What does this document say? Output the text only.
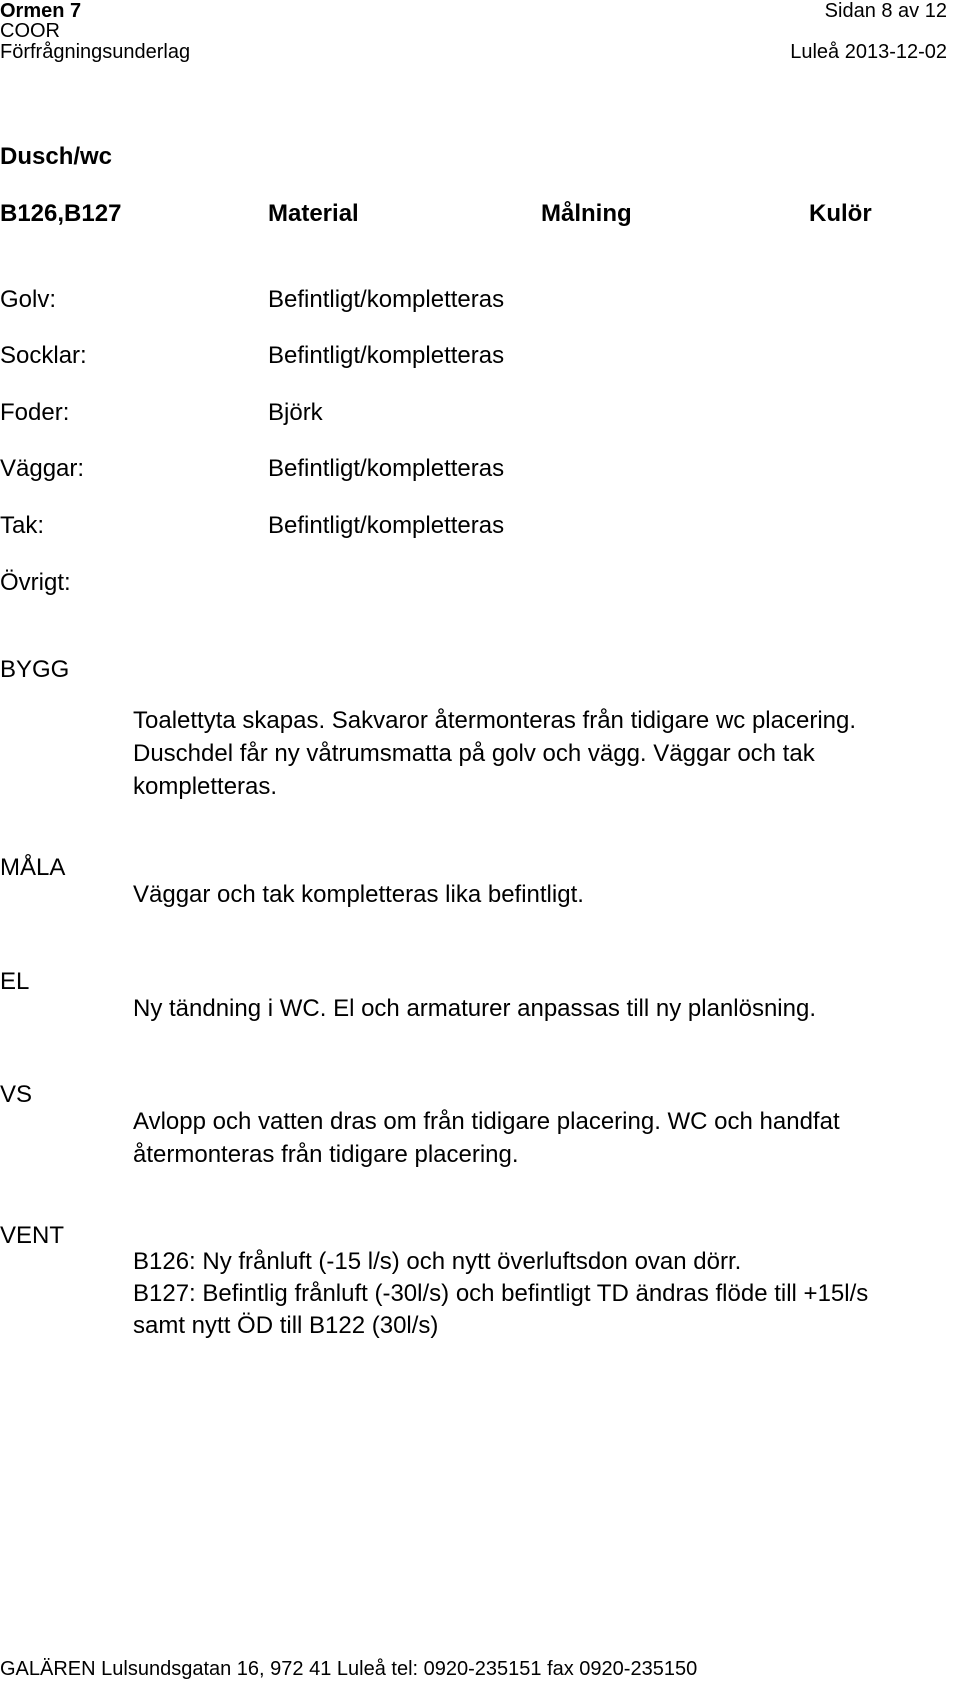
Ormen 7	Sidan 8 av 12
COOR
Förfrågningsunderlag	Luleå 2013-12-02
Dusch/wc
B126,B127	Material	Målning	Kulör
Golv:	Befintligt/kompletteras
Socklar:	Befintligt/kompletteras
Foder:	Björk
Väggar:	Befintligt/kompletteras
Tak:	Befintligt/kompletteras
Övrigt:
BYGG
Toalettyta skapas. Sakvaror återmonteras från tidigare wc placering. Duschdel får ny våtrumsmatta på golv och vägg. Väggar och tak kompletteras.
MÅLA
Väggar och tak kompletteras lika befintligt.
EL
Ny tändning i WC. El och armaturer anpassas till ny planlösning.
VS
Avlopp och vatten dras om från tidigare placering. WC och handfat återmonteras från tidigare placering.
VENT
B126: Ny frånluft (-15 l/s) och nytt överluftsdon ovan dörr.
B127: Befintlig frånluft (-30l/s) och befintligt TD ändras flöde till +15l/s
samt nytt ÖD till B122 (30l/s)
GALÄREN Lulsundsgatan 16, 972 41 Luleå tel: 0920-235151 fax 0920-235150
